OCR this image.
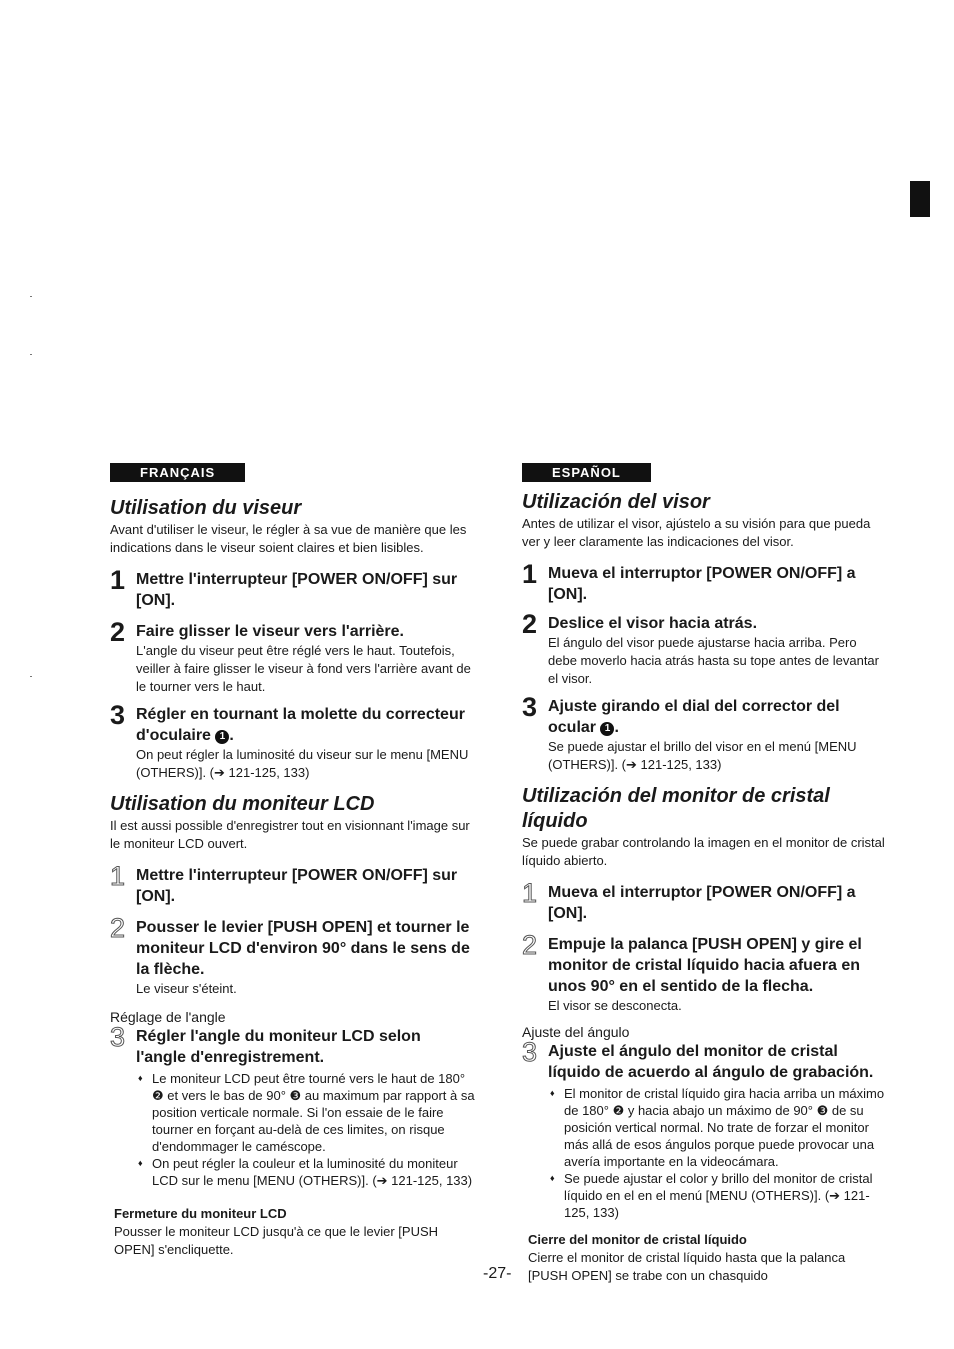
FRANÇAIS
Utilisation du viseur

Avant d'utiliser le viseur, le régler à sa vue de manière que les indications dans le viseur soient claires et bien lisibles.

1 Mettre l'interrupteur [POWER ON/OFF] sur [ON].

2 Faire glisser le viseur vers l'arrière.

L'angle du viseur peut être réglé vers le haut. Toutefois, veiller à faire glisser le viseur à fond vers l'arrière avant de le tourner vers le haut.

3 Régler en tournant la molette du correcteur d'oculaire 1 .

On peut régler la luminosité du viseur sur le menu [MENU (OTHERS)]. (➔ 121-125, 133)

Utilisation du moniteur LCD

Il est aussi possible d'enregistrer tout en visionnant l'image sur le moniteur LCD ouvert.

1 Mettre l'interrupteur [POWER ON/OFF] sur [ON].

2 Pousser le levier [PUSH OPEN] et tourner le moniteur LCD d'environ 90° dans le sens de la flèche.

Le viseur s'éteint.

Réglage de l'angle

3 Régler l'angle du moniteur LCD selon l'angle d'enregistrement.

♦ Le moniteur LCD peut être tourné vers le haut de 180° ❷ et vers le bas de 90° ❸ au maximum par rapport à sa position verticale normale. Si l'on essaie de le faire tourner en forçant au-delà de ces limites, on risque d'endommager le caméscope.
♦ On peut régler la couleur et la luminosité du moniteur LCD sur le menu [MENU (OTHERS)]. (➔ 121-125, 133)

Fermeture du moniteur LCD

Pousser le moniteur LCD jusqu'à ce que le levier [PUSH OPEN] s'encliquette.

ESPAÑOL
Utilización del visor

Antes de utilizar el visor, ajústelo a su visión para que pueda ver y leer claramente las indicaciones del visor.

1 Mueva el interruptor [POWER ON/OFF] a [ON].

2 Deslice el visor hacia atrás.

El ángulo del visor puede ajustarse hacia arriba. Pero debe moverlo hacia atrás hasta su tope antes de levantar el visor.

3 Ajuste girando el dial del corrector del ocular 1 .

Se puede ajustar el brillo del visor en el menú [MENU (OTHERS)]. (➔ 121-125, 133)

Utilización del monitor de cristal líquido

Se puede grabar controlando la imagen en el monitor de cristal líquido abierto.

1 Mueva el interruptor [POWER ON/OFF] a [ON].

2 Empuje la palanca [PUSH OPEN] y gire el monitor de cristal líquido hacia afuera en unos 90° en el sentido de la flecha.

El visor se desconecta.

Ajuste del ángulo

3 Ajuste el ángulo del monitor de cristal líquido de acuerdo al ángulo de grabación.

♦ El monitor de cristal líquido gira hacia arriba un máximo de 180° ❷ y hacia abajo un máximo de 90° ❸ de su posición vertical normal. No trate de forzar el monitor más allá de esos ángulos porque puede provocar una avería importante en la videocámara.
♦ Se puede ajustar el color y brillo del monitor de cristal líquido en el en el menú [MENU (OTHERS)]. (➔ 121-125, 133)

Cierre del monitor de cristal líquido

Cierre el monitor de cristal líquido hasta que la palanca [PUSH OPEN] se trabe con un chasquido

-27-
